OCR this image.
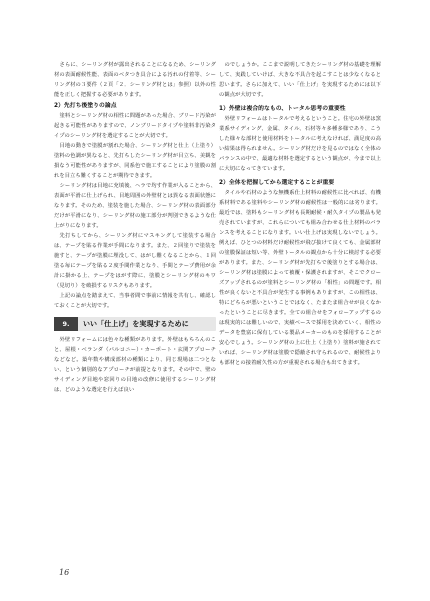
さらに、シーリング材が露出されることになるため、シーリング材の表面耐候性能、表面のベタつき具合による汚れの付着等、シーリング材の３要件（２頁「２．シーリング材とは」参照）以外の性能を正しく把握する必要があります。

2）先打ち後塗りの論点

塗料とシーリング材の相性に問題があった場合、ブリード汚染が起きる可能性がありますので、ノンブリードタイプや塗料非汚染タイプのシーリング材を選定することが大切です。

目地の動きで塗膜が割れた場合、シーリング材と仕上（上塗り）塗料の色調が異なると、先打ちしたシーリング材が目立ち、美観を損なう可能性がありますが、同系色で施工することにより塗膜の割れを目立ち難くすることが期待できます。

シーリング材は目地に充填後、ヘラで均す作業が入ることから、表面が平滑に仕上げられ、目地周囲の外壁材とは異なる表面状態になります。そのため、塗装を施した場合、シーリング材の表面部分だけが平滑になり、シーリング材の施工部分が判別できるような仕上がりになります。

先打ちしてから、シーリング材にマスキングして塗装する場合は、テープを貼る作業が手間になります。また、２回塗りで塗装を施すと、テープが塗膜に埋没して、はがし難くなることから、１回塗る毎にテープを貼る２度手間作業となり、手間とテープ費用が余計に掛かる上、テープをはがす際に、塗膜とシーリング材のキワ（見切り）を破損するリスクもあります。

上記の論点を踏まえて、当事者間で事前に情報を共有し、確認しておくことが大切です。

9.	いい「仕上げ」を実現するために

外壁リフォームには色々な種類があります。外壁はもちろんのこと、屋根・ベランダ（バルコニー）・カーポート・玄関アプローチなどなど。築年数や構成部材の種類により、同じ現場は二つとない、という個別的なアプローチが前提となります。その中で、壁のサイディング目地や窓回りの目地の改修に使用するシーリング材は、どのような選定を行えば良い

のでしょうか。ここまで説明してきたシーリング材の基礎を理解して、実践していけば、大きな不具合を起こすことは少なくなると思います。さらに加えて、いい「仕上げ」を実現するためには以下の観点が大切です。

1）外壁は複合的なもの、トータル思考の重要性

外壁リフォームはトータルで考えるということ。住宅の外壁は窯業系サイディング、金属、タイル、石材等々多種多様であり、こうした様々な部材と使用材料をトータルに考えなければ、満足度の高い結果は得られません。シーリング材だけを見るのではなく全体のバランスの中で、最適な材料を選定するという観点が、今まで以上に大切になってきています。

2）全体を把握してから選定することが重要

タイルや石材のような無機系仕上材料の耐候性に比べれば、有機系材料である塗料やシーリング材の耐候性は一般的には劣ります。最近では、塗料もシーリング材も長期耐候・耐久タイプの製品も発売されていますが、これらについても組み合わせる仕上材料のバランスを考えることになります。いい仕上げは実現しないでしょう。例えば、ひとつの材料だけ耐候性が飛び抜けて良くても、金属部材の塗膜保証は短い等、外壁トータルの観点から十分に検討する必要があります。また、シーリング材が先打ちで後塗りとする場合は、シーリング材は塗膜によって被覆・保護されますが、そこでクローズアップされるのが塗料とシーリング材の「相性」の問題です。相性が良くないと不具合が発生する事例もありますが、この相性は、特にどちらが悪いということではなく、たまたま組合せが良くなかったということに尽きます。全ての組合せをフォローアップするのは現実的には難しいので、実績ベースで採用を決めていく、相性のデータを豊富に保有している製品メーカーのものを採用することが安心でしょう。シーリング材の上に仕上（上塗り）塗料が施されていれば、シーリング材は塗膜で隠蔽され守られるので、耐候性よりも部材との接着耐久性の方が重視される場合も出てきます。

16
